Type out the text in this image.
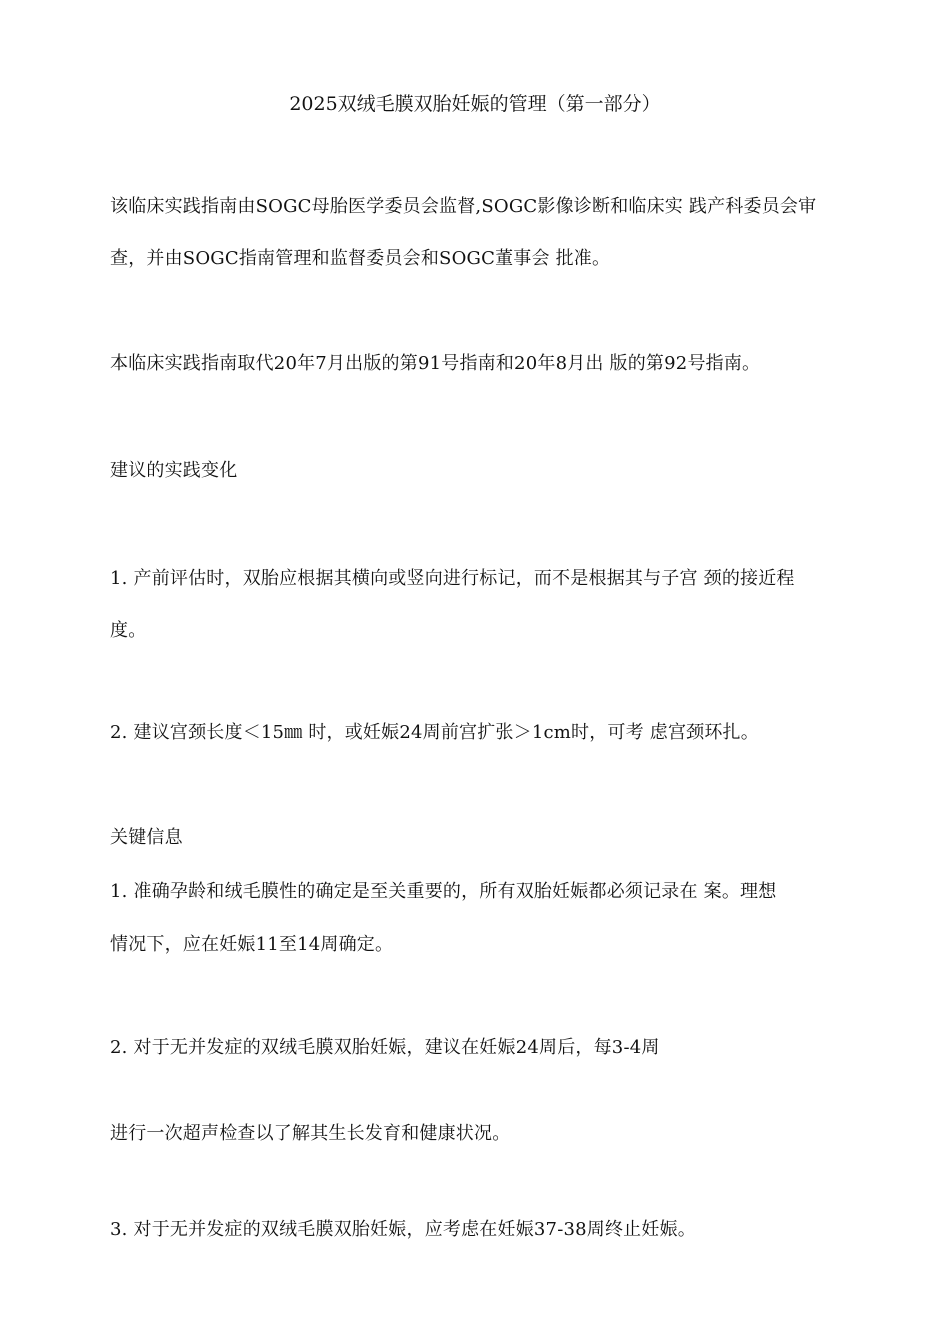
2025双绒毛膜双胎妊娠的管理（第一部分）
该临床实践指南由SOGC母胎医学委员会监督,SOGC影像诊断和临床实 践产科委员会审
查，并由SOGC指南管理和监督委员会和SOGC董事会 批准。
本临床实践指南取代20年7月出版的第91号指南和20年8月出 版的第92号指南。
建议的实践变化
1. 产前评估时，双胎应根据其横向或竖向进行标记，而不是根据其与子宫 颈的接近程
度。
2. 建议宫颈长度＜15㎜ 时，或妊娠24周前宫扩张＞1cm时，可考 虑宫颈环扎。
关键信息
1. 准确孕龄和绒毛膜性的确定是至关重要的，所有双胎妊娠都必须记录在 案。理想
情况下，应在妊娠11至14周确定。
2. 对于无并发症的双绒毛膜双胎妊娠，建议在妊娠24周后，每3-4周
进行一次超声检查以了解其生长发育和健康状况。
3. 对于无并发症的双绒毛膜双胎妊娠，应考虑在妊娠37-38周终止妊娠。
